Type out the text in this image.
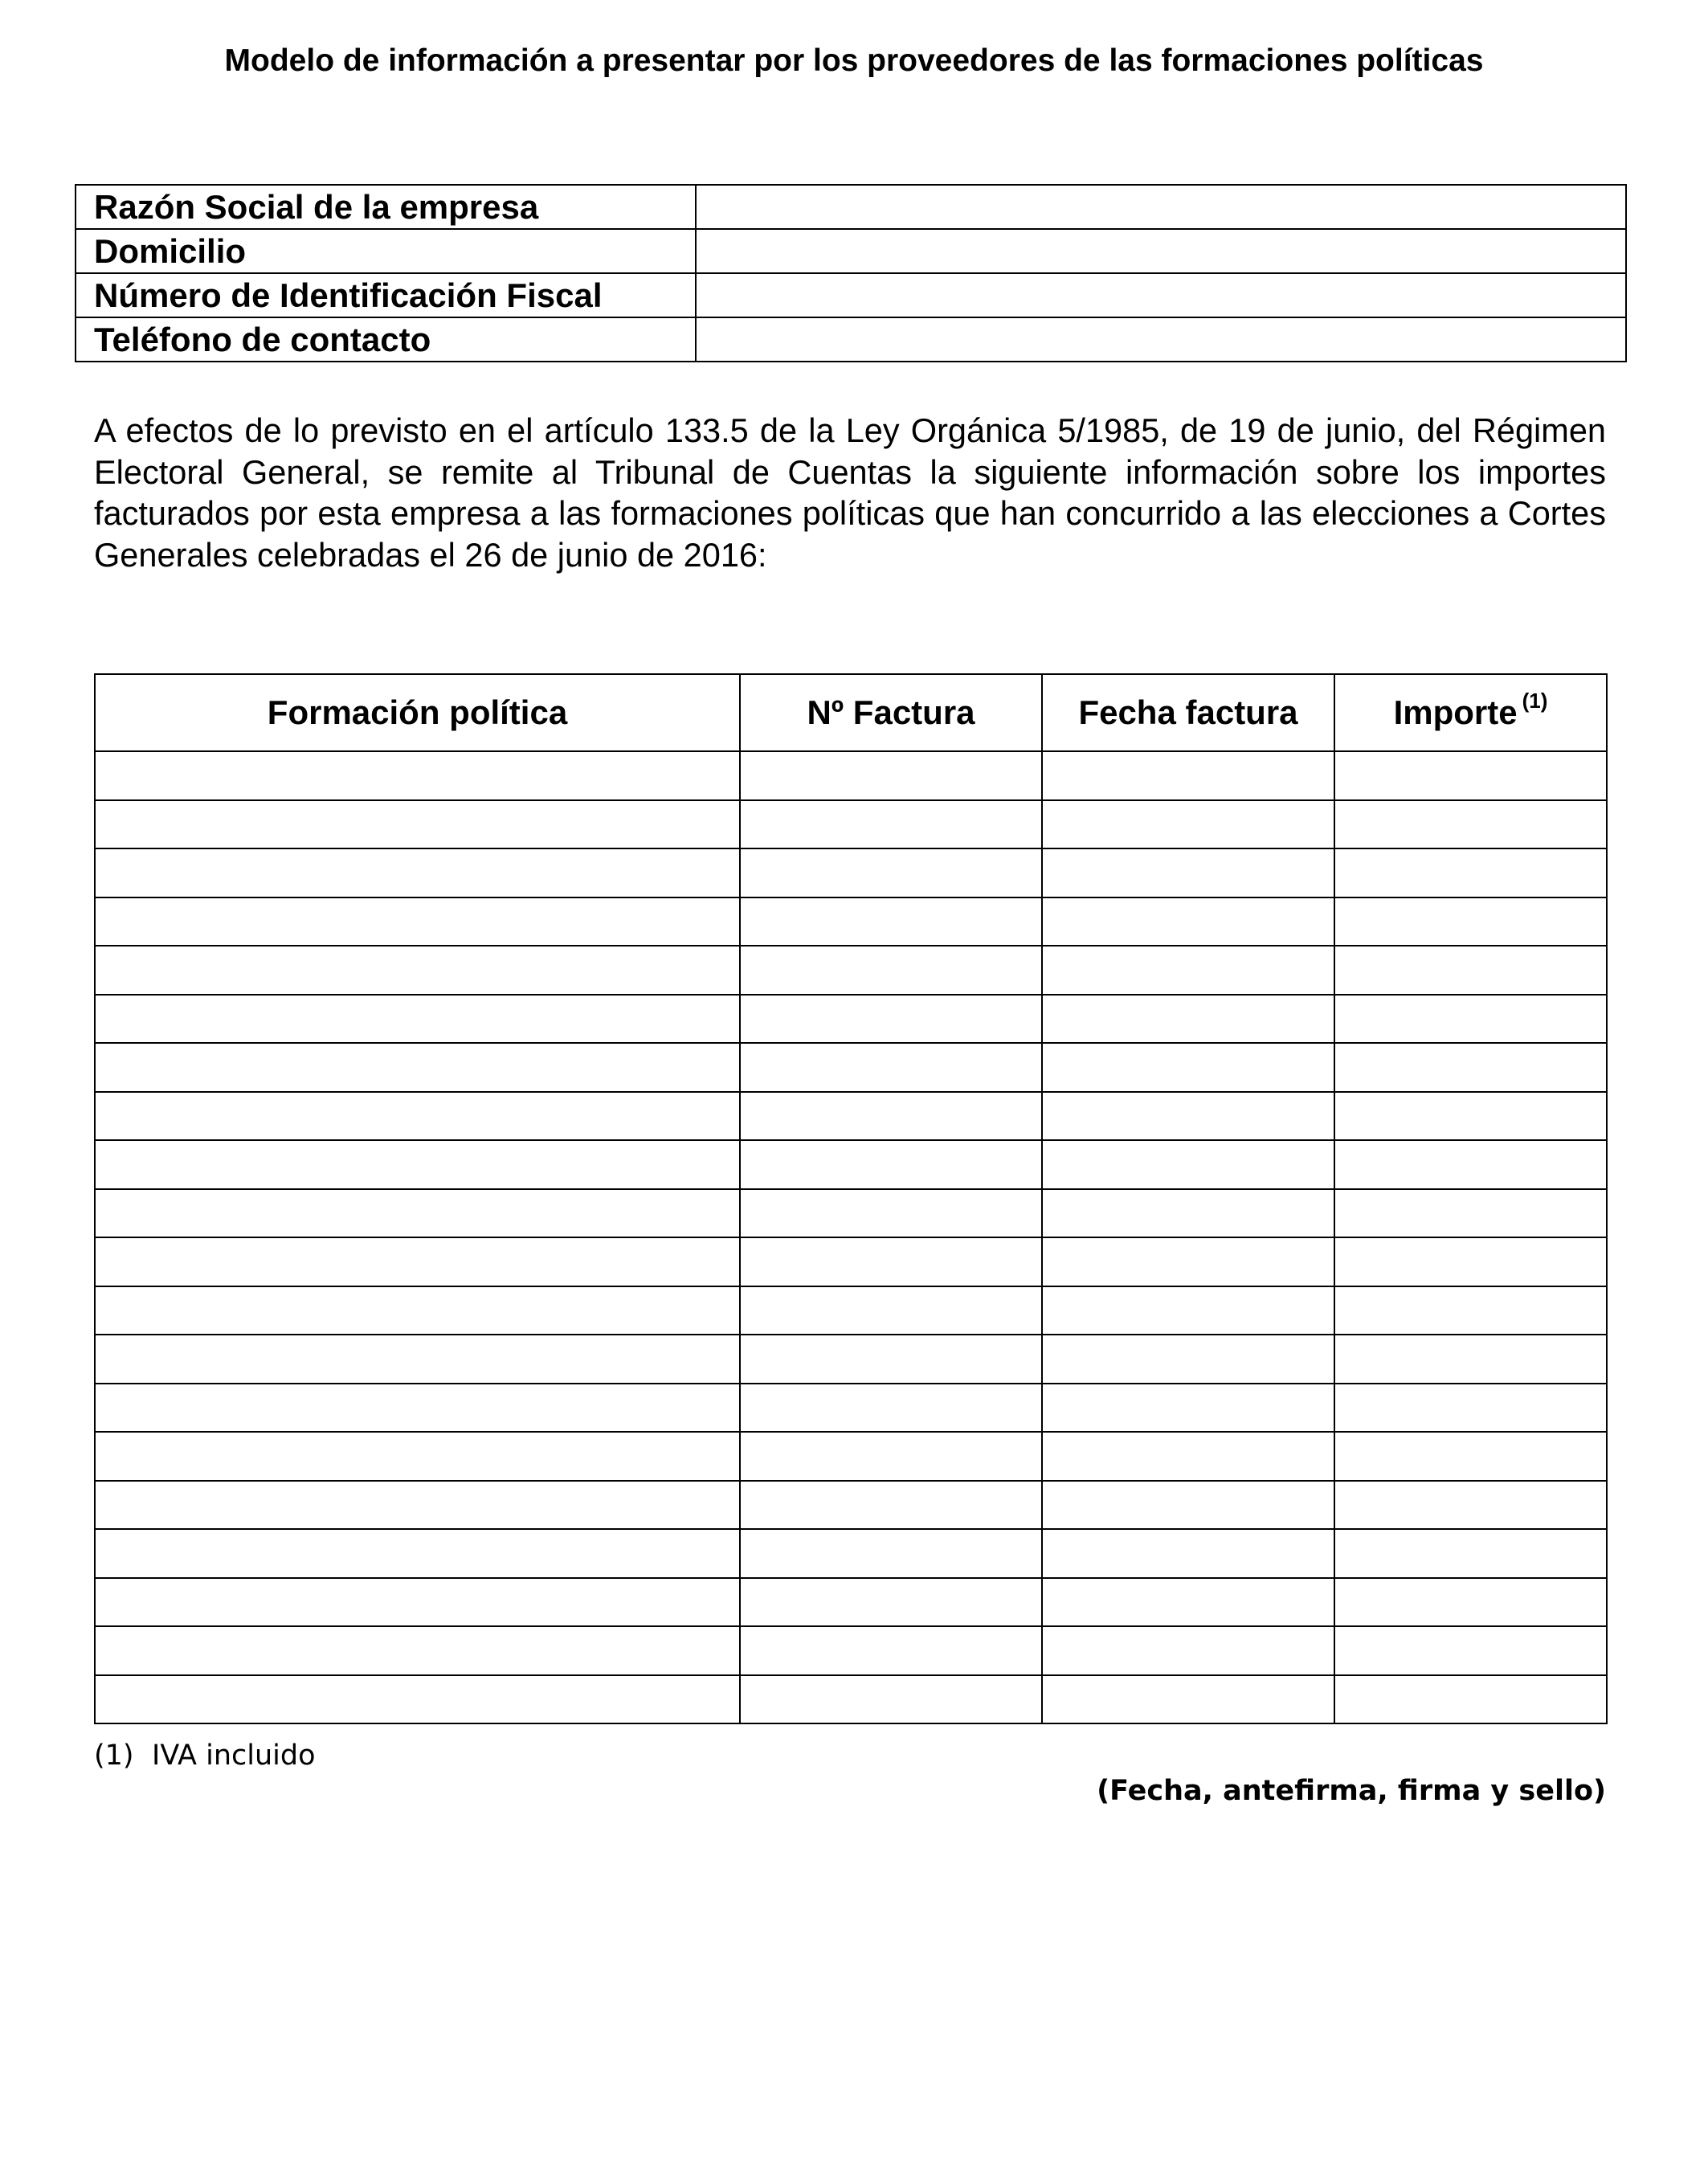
Modelo de información a presentar por los proveedores de las formaciones políticas
Razón Social de la empresa	
Domicilio	
Número de Identificación Fiscal	
Teléfono de contacto	

A efectos de lo previsto en el artículo 133.5 de la Ley Orgánica 5/1985, de 19 de junio, del Régimen Electoral General, se remite al Tribunal de Cuentas la siguiente información sobre los importes facturados por esta empresa a las formaciones políticas que han concurrido a las elecciones a Cortes Generales celebradas el 26 de junio de 2016:

Formación política	Nº Factura	Fecha factura	Importe $^{(1)}$

(1) IVA incluido
(Fecha, antefirma, firma y sello)
